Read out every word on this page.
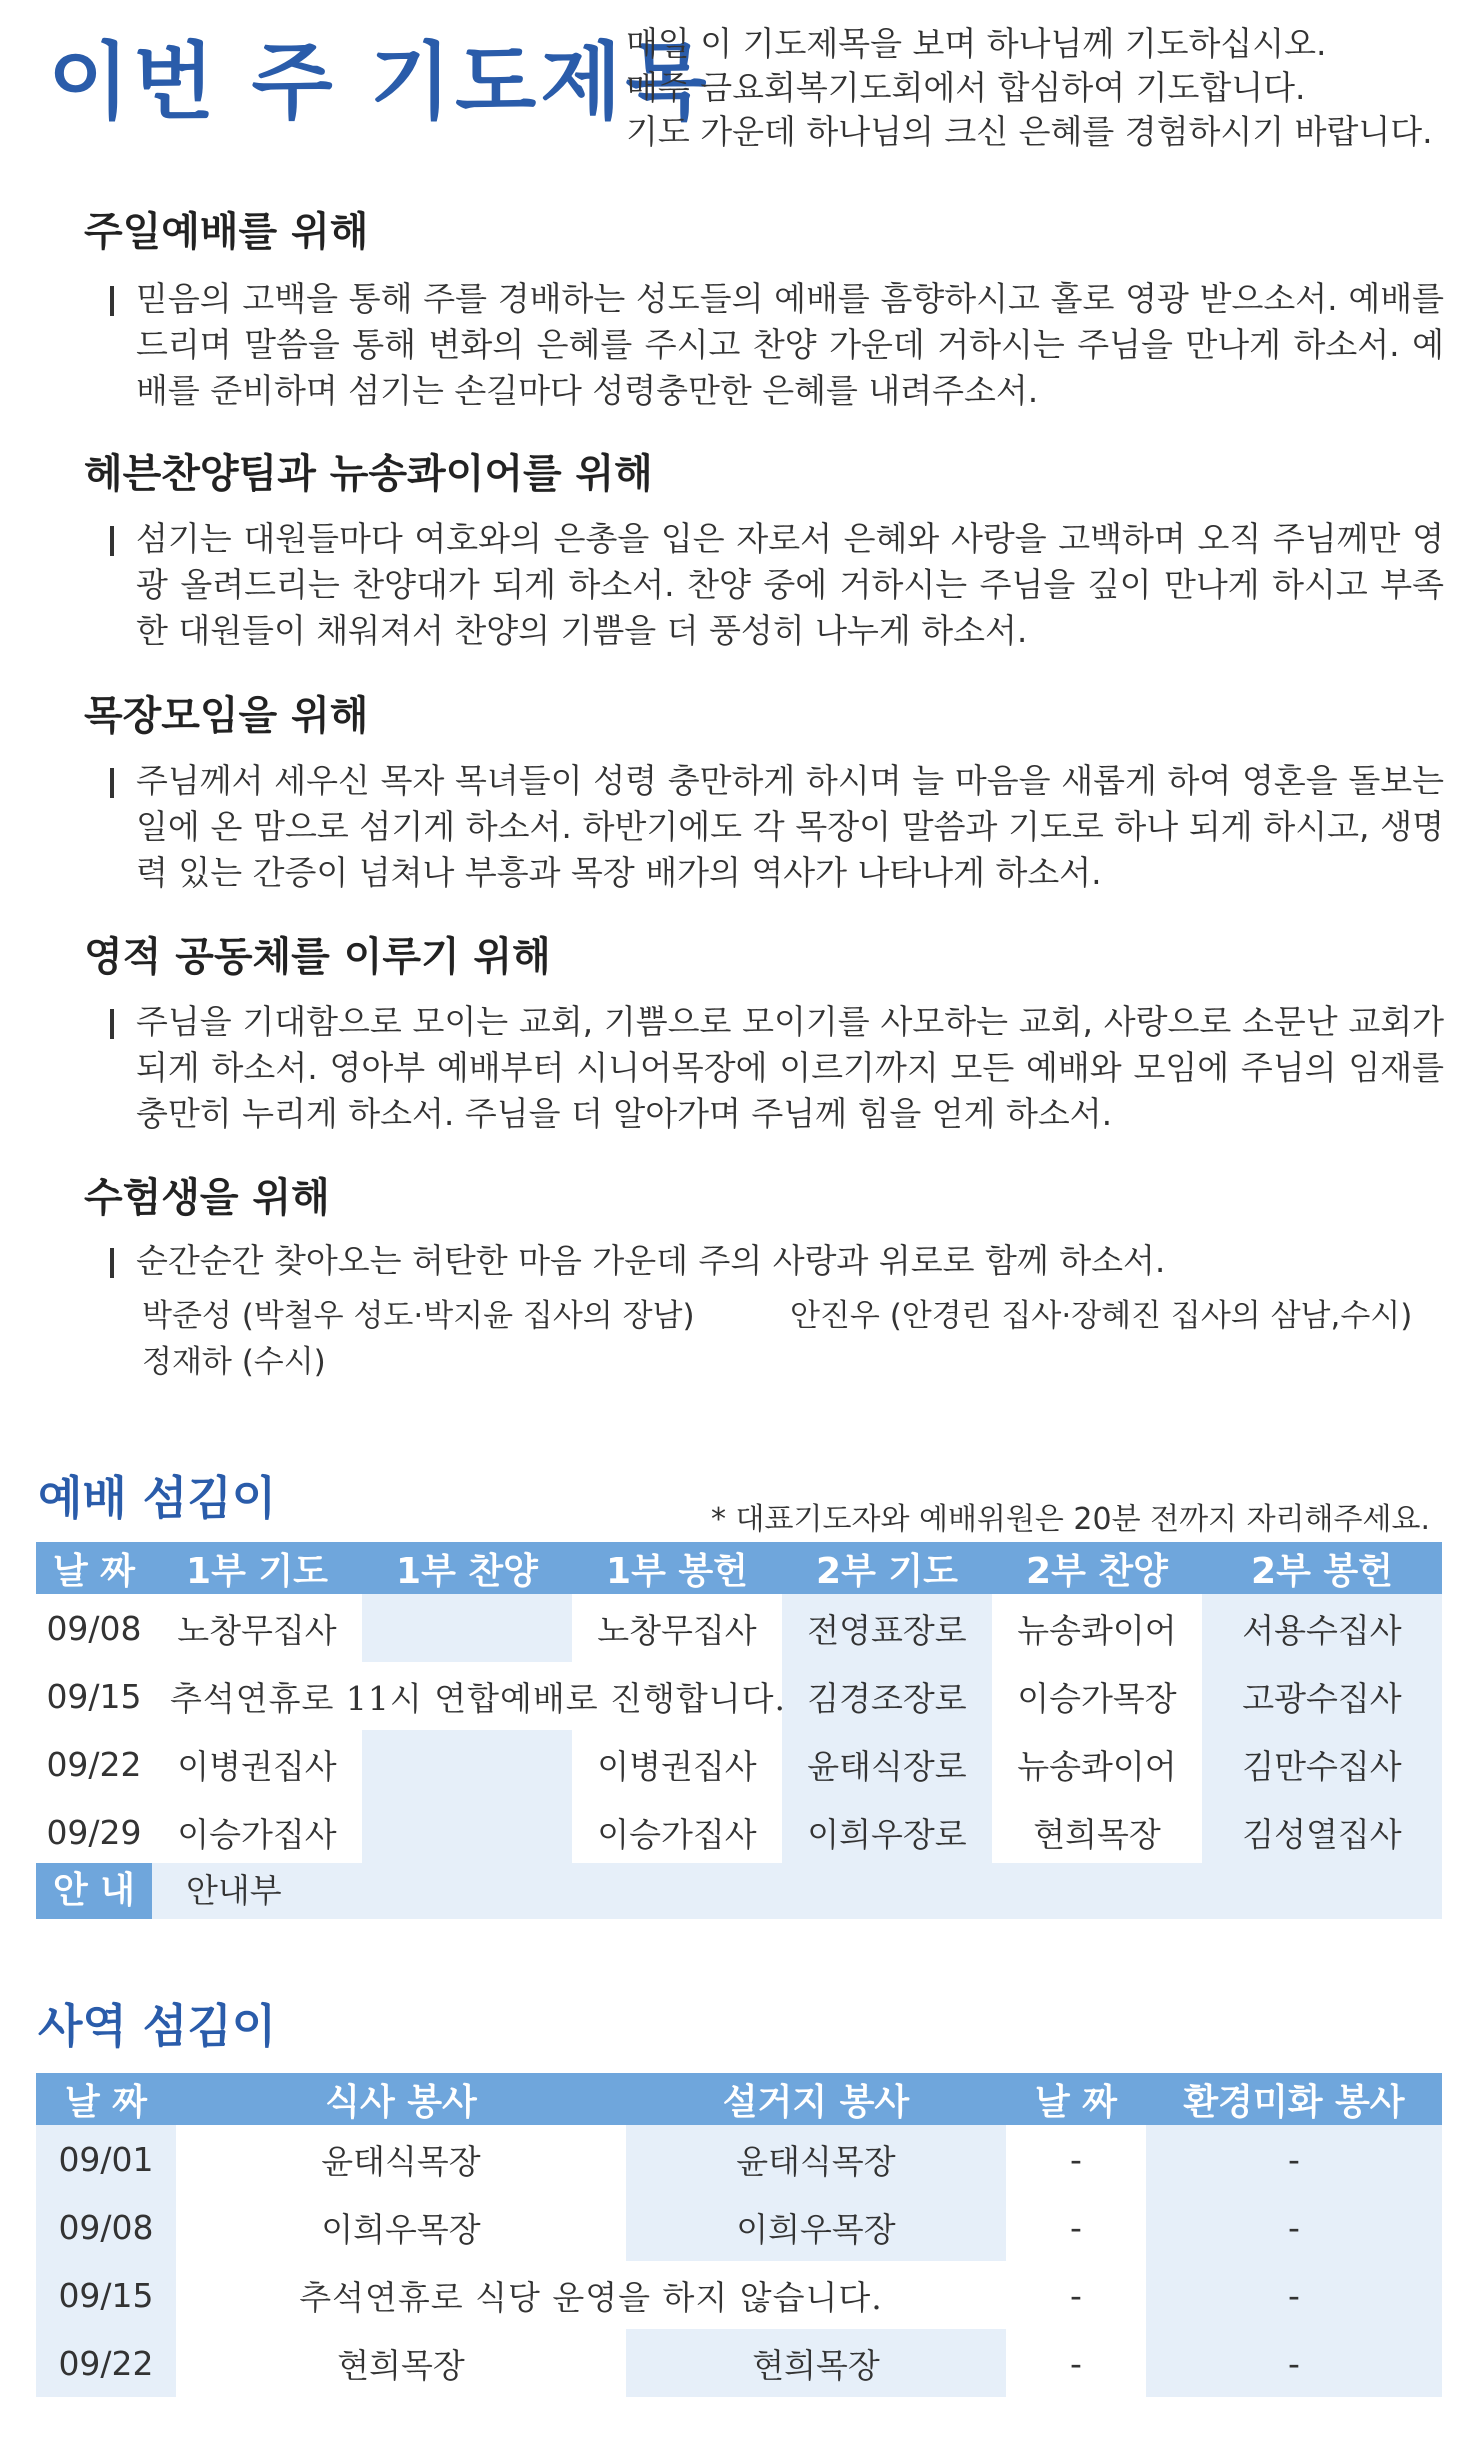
이번 주 기도제목
매일 이 기도제목을 보며 하나님께 기도하십시오.
매주 금요회복기도회에서 합심하여 기도합니다.
기도 가운데 하나님의 크신 은혜를 경험하시기 바랍니다.
주일예배를 위해
믿음의 고백을 통해 주를 경배하는 성도들의 예배를 흠향하시고 홀로 영광 받으소서. 예배를 드리며 말씀을 통해 변화의 은혜를 주시고 찬양 가운데 거하시는 주님을 만나게 하소서. 예배를 준비하며 섬기는 손길마다 성령충만한 은혜를 내려주소서.
헤븐찬양팀과 뉴송콰이어를 위해
섬기는 대원들마다 여호와의 은총을 입은 자로서 은혜와 사랑을 고백하며 오직 주님께만 영광 올려드리는 찬양대가 되게 하소서. 찬양 중에 거하시는 주님을 깊이 만나게 하시고 부족한 대원들이 채워져서 찬양의 기쁨을 더 풍성히 나누게 하소서.
목장모임을 위해
주님께서 세우신 목자 목녀들이 성령 충만하게 하시며 늘 마음을 새롭게 하여 영혼을 돌보는 일에 온 맘으로 섬기게 하소서. 하반기에도 각 목장이 말씀과 기도로 하나 되게 하시고, 생명력 있는 간증이 넘쳐나 부흥과 목장 배가의 역사가 나타나게 하소서.
영적 공동체를 이루기 위해
주님을 기대함으로 모이는 교회, 기쁨으로 모이기를 사모하는 교회, 사랑으로 소문난 교회가 되게 하소서. 영아부 예배부터 시니어목장에 이르기까지 모든 예배와 모임에 주님의 임재를 충만히 누리게 하소서. 주님을 더 알아가며 주님께 힘을 얻게 하소서.
수험생을 위해
순간순간 찾아오는 허탄한 마음 가운데 주의 사랑과 위로로 함께 하소서.
박준성 (박철우 성도·박지윤 집사의 장남)	안진우 (안경린 집사·장혜진 집사의 삼남,수시)
정재하 (수시)
예배 섬김이	* 대표기도자와 예배위원은 20분 전까지 자리해주세요.
날 짜	1부 기도	1부 찬양	1부 봉헌	2부 기도	2부 찬양	2부 봉헌
09/08	노창무집사		노창무집사	전영표장로	뉴송콰이어	서용수집사
09/15	추석연휴로 11시 연합예배로 진행합니다.			김경조장로	이승가목장	고광수집사
09/22	이병권집사		이병권집사	윤태식장로	뉴송콰이어	김만수집사
09/29	이승가집사		이승가집사	이희우장로	현희목장	김성열집사
안 내	안내부
사역 섬김이
날 짜	식사 봉사	설거지 봉사	날 짜	환경미화 봉사
09/01	윤태식목장	윤태식목장	-	-
09/08	이희우목장	이희우목장	-	-
09/15	추석연휴로 식당 운영을 하지 않습니다.		-	-
09/22	현희목장	현희목장	-	-
